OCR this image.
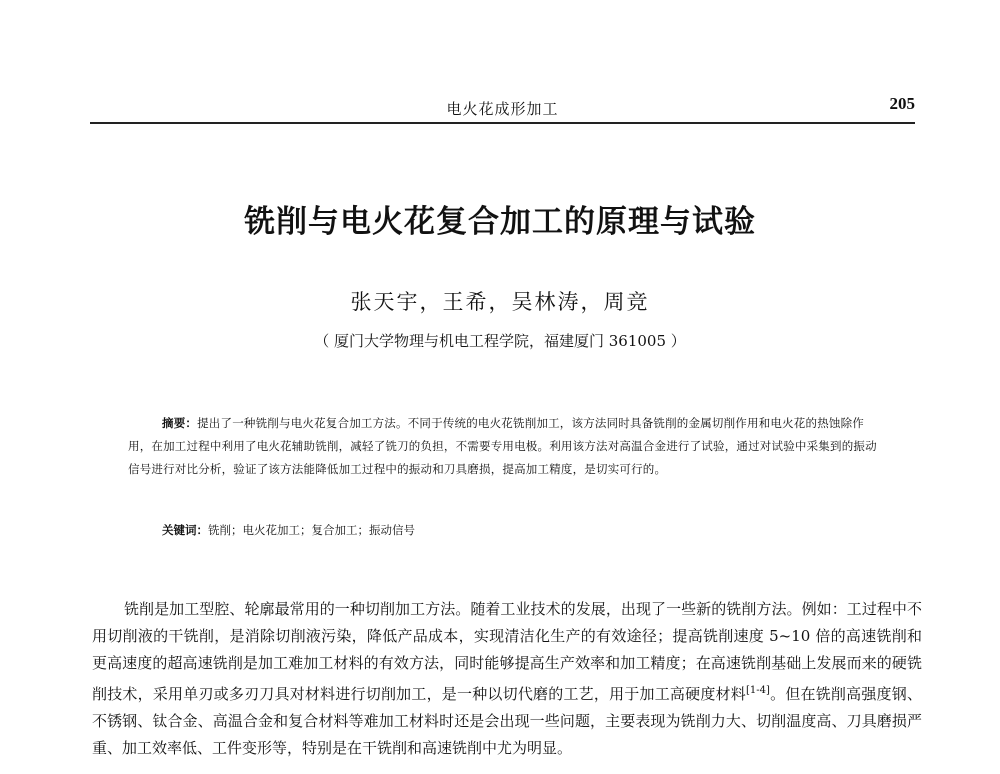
电火花成形加工	205
铣削与电火花复合加工的原理与试验
张天宇，王希，吴林涛，周竞
（ 厦门大学物理与机电工程学院，福建厦门 361005 ）

摘要：提出了一种铣削与电火花复合加工方法。不同于传统的电火花铣削加工，该方法同时具备铣削的金属切削作用和电火花的热蚀除作用，在加工过程中利用了电火花辅助铣削，减轻了铣刀的负担，不需要专用电极。利用该方法对高温合金进行了试验，通过对试验中采集到的振动信号进行对比分析，验证了该方法能降低加工过程中的振动和刀具磨损，提高加工精度，是切实可行的。

关键词：铣削；电火花加工；复合加工；振动信号

铣削是加工型腔、轮廓最常用的一种切削加工方法。随着工业技术的发展，出现了一些新的铣削方法。例如：工过程中不用切削液的干铣削，是消除切削液污染，降低产品成本，实现清洁化生产的有效途径；提高铣削速度 5~10 倍的高速铣削和更高速度的超高速铣削是加工难加工材料的有效方法，同时能够提高生产效率和加工精度；在高速铣削基础上发展而来的硬铣削技术，采用单刃或多刃刀具对材料进行切削加工，是一种以切代磨的工艺，用于加工高硬度材料[1-4]。但在铣削高强度钢、不锈钢、钛合金、高温合金和复合材料等难加工材料时还是会出现一些问题，主要表现为铣削力大、切削温度高、刀具磨损严重、加工效率低、工件变形等，特别是在干铣削和高速铣削中尤为明显。
